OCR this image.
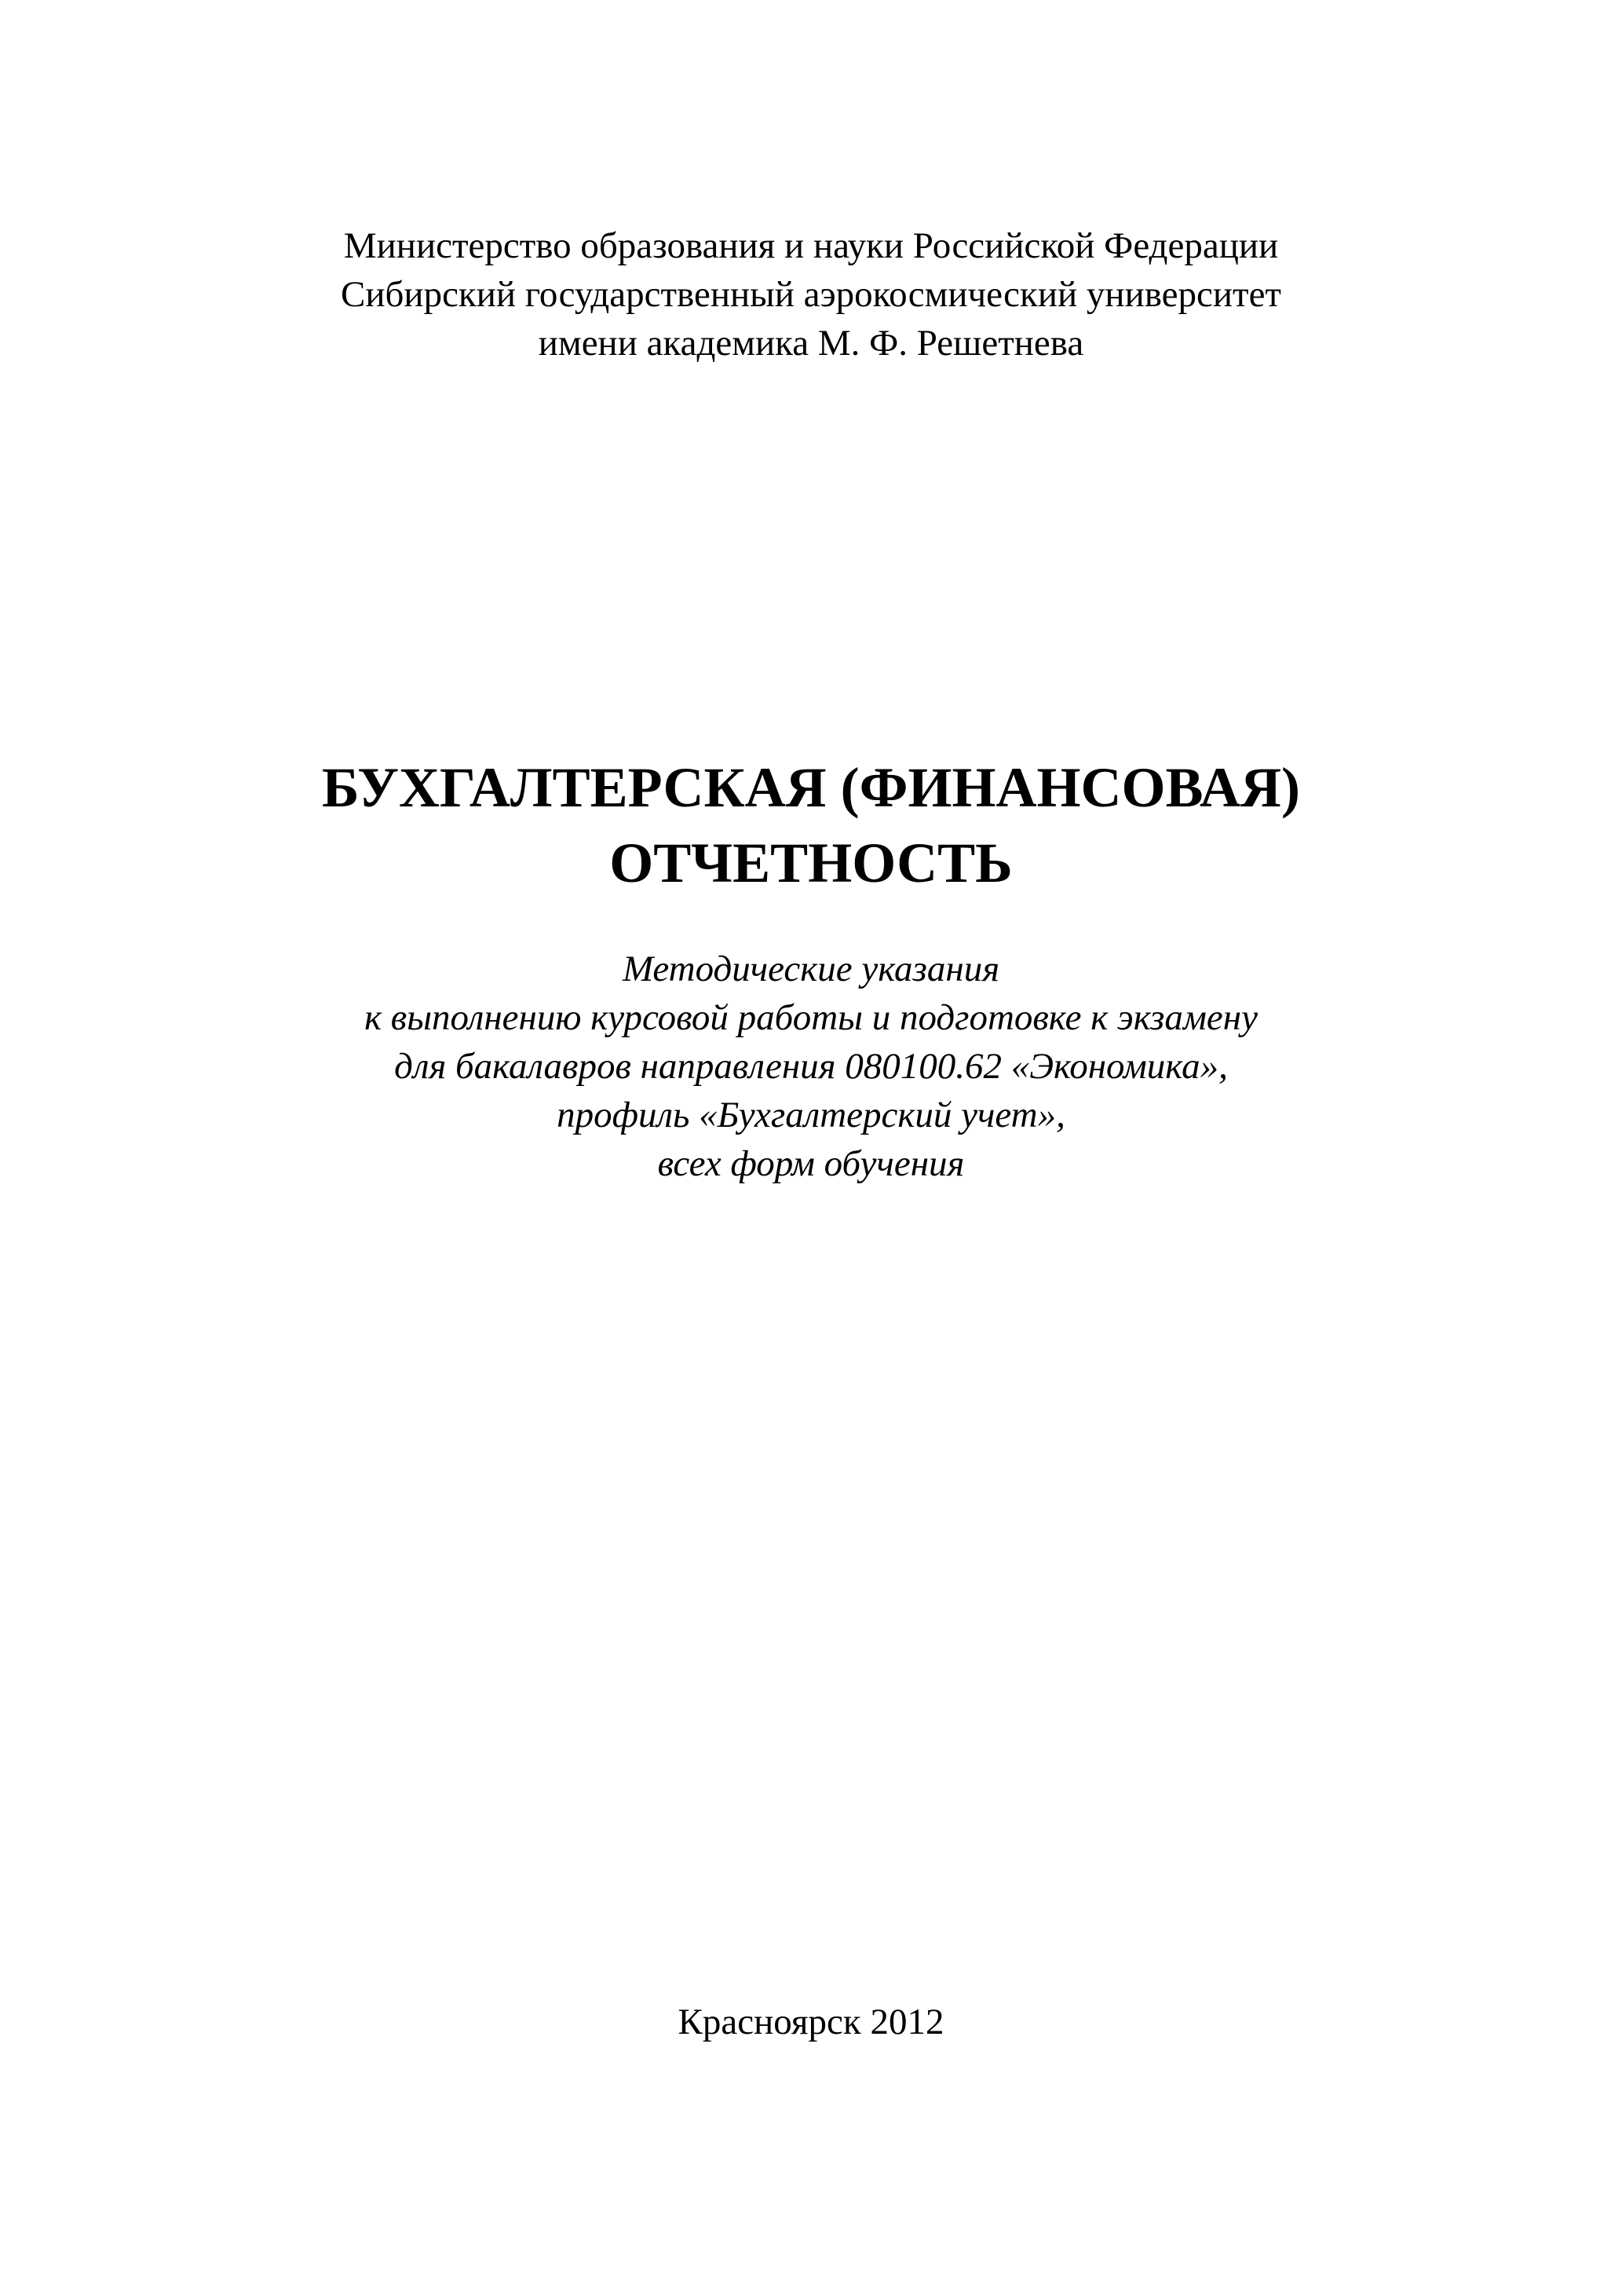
Министерство образования и науки Российской Федерации
Сибирский государственный аэрокосмический университет
имени академика М. Ф. Решетнева
БУХГАЛТЕРСКАЯ (ФИНАНСОВАЯ)
ОТЧЕТНОСТЬ
Методические указания
к выполнению курсовой работы и подготовке к экзамену
для бакалавров направления 080100.62 «Экономика»,
профиль «Бухгалтерский учет»,
всех форм обучения
Красноярск 2012
